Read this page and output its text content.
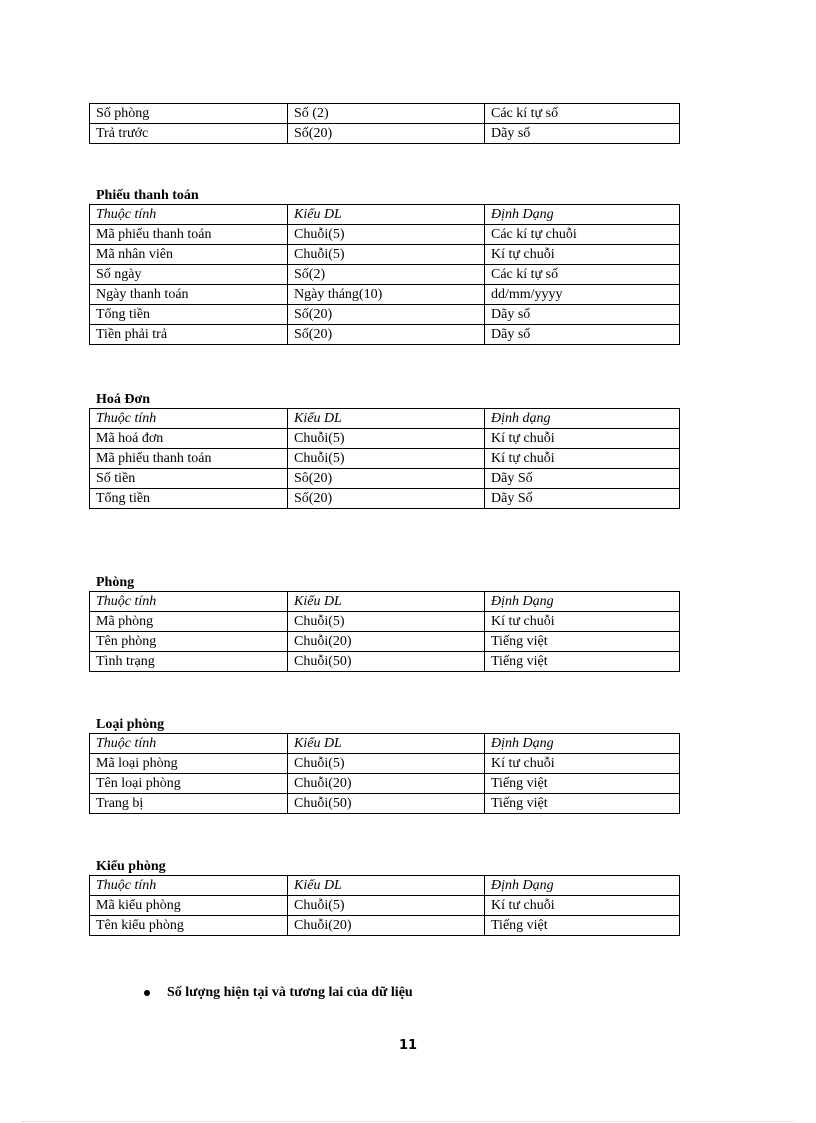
Số phòng	Số (2)	Các kí tự số
Trả trước	Số(20)	Dãy số
Phiếu thanh toán
Thuộc tính	Kiểu DL	Định Dạng
Mã phiếu thanh toán	Chuỗi(5)	Các kí tự chuỗi
Mã nhân viên	Chuỗi(5)	Kí tự chuỗi
Số ngày	Số(2)	Các kí tự số
Ngày thanh toán	Ngày tháng(10)	dd/mm/yyyy
Tổng tiền	Số(20)	Dãy số
Tiền phải trả	Số(20)	Dãy số
Hoá Đơn
Thuộc tính	Kiểu DL	Định dạng
Mã hoá đơn	Chuỗi(5)	Kí tự chuỗi
Mã phiếu thanh toán	Chuỗi(5)	Kí tự chuỗi
Số tiền	Sô(20)	Dãy Số
Tổng tiền	Số(20)	Dãy Số
Phòng
Thuộc tính	Kiểu DL	Định Dạng
Mã phòng	Chuỗi(5)	Kí tư chuỗi
Tên phòng	Chuỗi(20)	Tiếng việt
Tình trạng	Chuỗi(50)	Tiếng việt
Loại phòng
Thuộc tính	Kiểu DL	Định Dạng
Mã loại phòng	Chuỗi(5)	Kí tư chuỗi
Tên loại phòng	Chuỗi(20)	Tiếng việt
Trang bị	Chuỗi(50)	Tiếng việt
Kiểu phòng
Thuộc tính	Kiểu DL	Định Dạng
Mã kiểu phòng	Chuỗi(5)	Kí tư chuỗi
Tên kiểu phòng	Chuỗi(20)	Tiếng việt
Số lượng hiện tại và tương lai của dữ liệu
11
